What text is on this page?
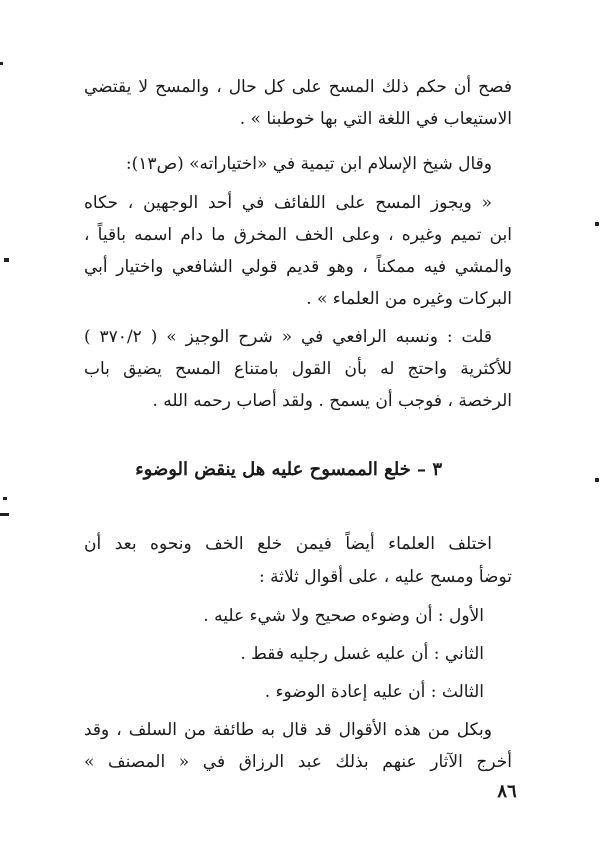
فصح أن حكم ذلك المسح على كل حال ، والمسح لا يقتضي
الاستيعاب في اللغة التي بها خوطبنا » .
وقال شيخ الإسلام ابن تيمية في «اختياراته» (ص١٣):
« ويجوز المسح على اللفائف في أحد الوجهين ، حكاه
ابن تميم وغيره ، وعلى الخف المخرق ما دام اسمه باقياً ،
والمشي فيه ممكناً ، وهو قديم قولي الشافعي واختيار أبي
البركات وغيره من العلماء » .
قلت : ونسبه الرافعي في « شرح الوجيز » ( ٣٧٠/٢ )
للأكثرية واحتج له بأن القول بامتناع المسح يضيق باب
الرخصة ، فوجب أن يسمح . ولقد أصاب رحمه الله .
٣ – خلع الممسوح عليه هل ينقض الوضوء
اختلف العلماء أيضاً فيمن خلع الخف ونحوه بعد أن
توضأ ومسح عليه ، على أقوال ثلاثة :
الأول : أن وضوءه صحيح ولا شيء عليه .
الثاني : أن عليه غسل رجليه فقط .
الثالث : أن عليه إعادة الوضوء .
وبكل من هذه الأقوال قد قال به طائفة من السلف ، وقد
أخرج الآثار عنهم بذلك عبد الرزاق في « المصنف »
٨٦
